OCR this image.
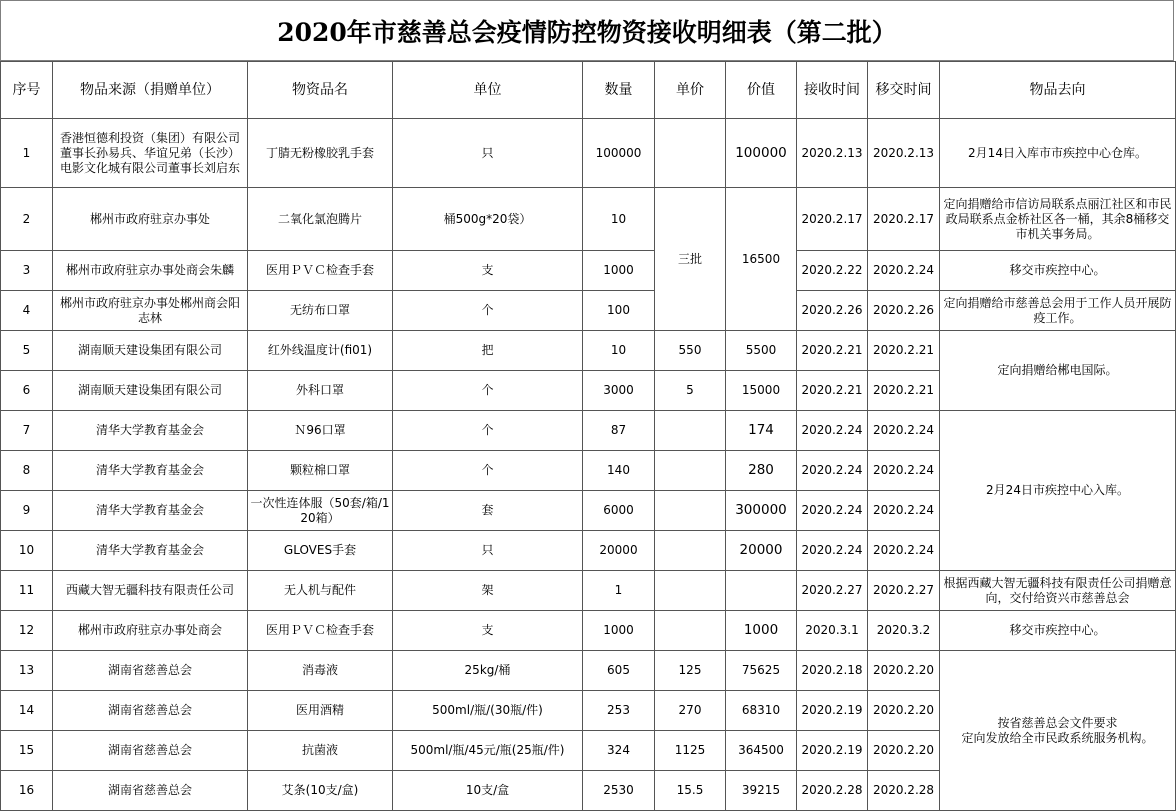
2020年市慈善总会疫情防控物资接收明细表（第二批）
序号	物品来源（捐赠单位）	物资品名	单位	数量	单价	价值	接收时间	移交时间	物品去向
1	香港恒德利投资（集团）有限公司 董事长孙易兵、华谊兄弟（长沙）电影文化城有限公司董事长刘启东	丁腈无粉橡胶乳手套	只	100000		100000	2020.2.13	2020.2.13	2月14日入库市市疾控中心仓库。
2	郴州市政府驻京办事处	二氧化氯泡腾片	桶500g*20袋）	10	三批	16500	2020.2.17	2020.2.17	定向捐赠给市信访局联系点丽江社区和市民政局联系点金桥社区各一桶，其余8桶移交市机关事务局。
3	郴州市政府驻京办事处商会朱麟	医用ＰＶＣ检查手套	支	1000			2020.2.22	2020.2.24	移交市疾控中心。
4	郴州市政府驻京办事处郴州商会阳志林	无纺布口罩	个	100			2020.2.26	2020.2.26	定向捐赠给市慈善总会用于工作人员开展防疫工作。
5	湖南顺天建设集团有限公司	红外线温度计(fi01)	把	10	550	5500	2020.2.21	2020.2.21	定向捐赠给郴电国际。
6	湖南顺天建设集团有限公司	外科口罩	个	3000	5	15000	2020.2.21	2020.2.21	
7	清华大学教育基金会	Ｎ96口罩	个	87		174	2020.2.24	2020.2.24	2月24日市疾控中心入库。
8	清华大学教育基金会	颗粒棉口罩	个	140		280	2020.2.24	2020.2.24	
9	清华大学教育基金会	一次性连体服（50套/箱/120箱）	套	6000		300000	2020.2.24	2020.2.24	
10	清华大学教育基金会	GLOVES手套	只	20000		20000	2020.2.24	2020.2.24	
11	西藏大智无疆科技有限责任公司	无人机与配件	架	1			2020.2.27	2020.2.27	根据西藏大智无疆科技有限责任公司捐赠意向，交付给资兴市慈善总会
12	郴州市政府驻京办事处商会	医用ＰＶＣ检查手套	支	1000		1000	2020.3.1	2020.3.2	移交市疾控中心。
13	湖南省慈善总会	消毒液	25kg/桶	605	125	75625	2020.2.18	2020.2.20	按省慈善总会文件要求
定向发放给全市民政系统服务机构。
14	湖南省慈善总会	医用酒精	500ml/瓶/(30瓶/件)	253	270	68310	2020.2.19	2020.2.20	
15	湖南省慈善总会	抗菌液	500ml/瓶/45元/瓶(25瓶/件)	324	1125	364500	2020.2.19	2020.2.20	
16	湖南省慈善总会	艾条(10支/盒)	10支/盒	2530	15.5	39215	2020.2.28	2020.2.28	
